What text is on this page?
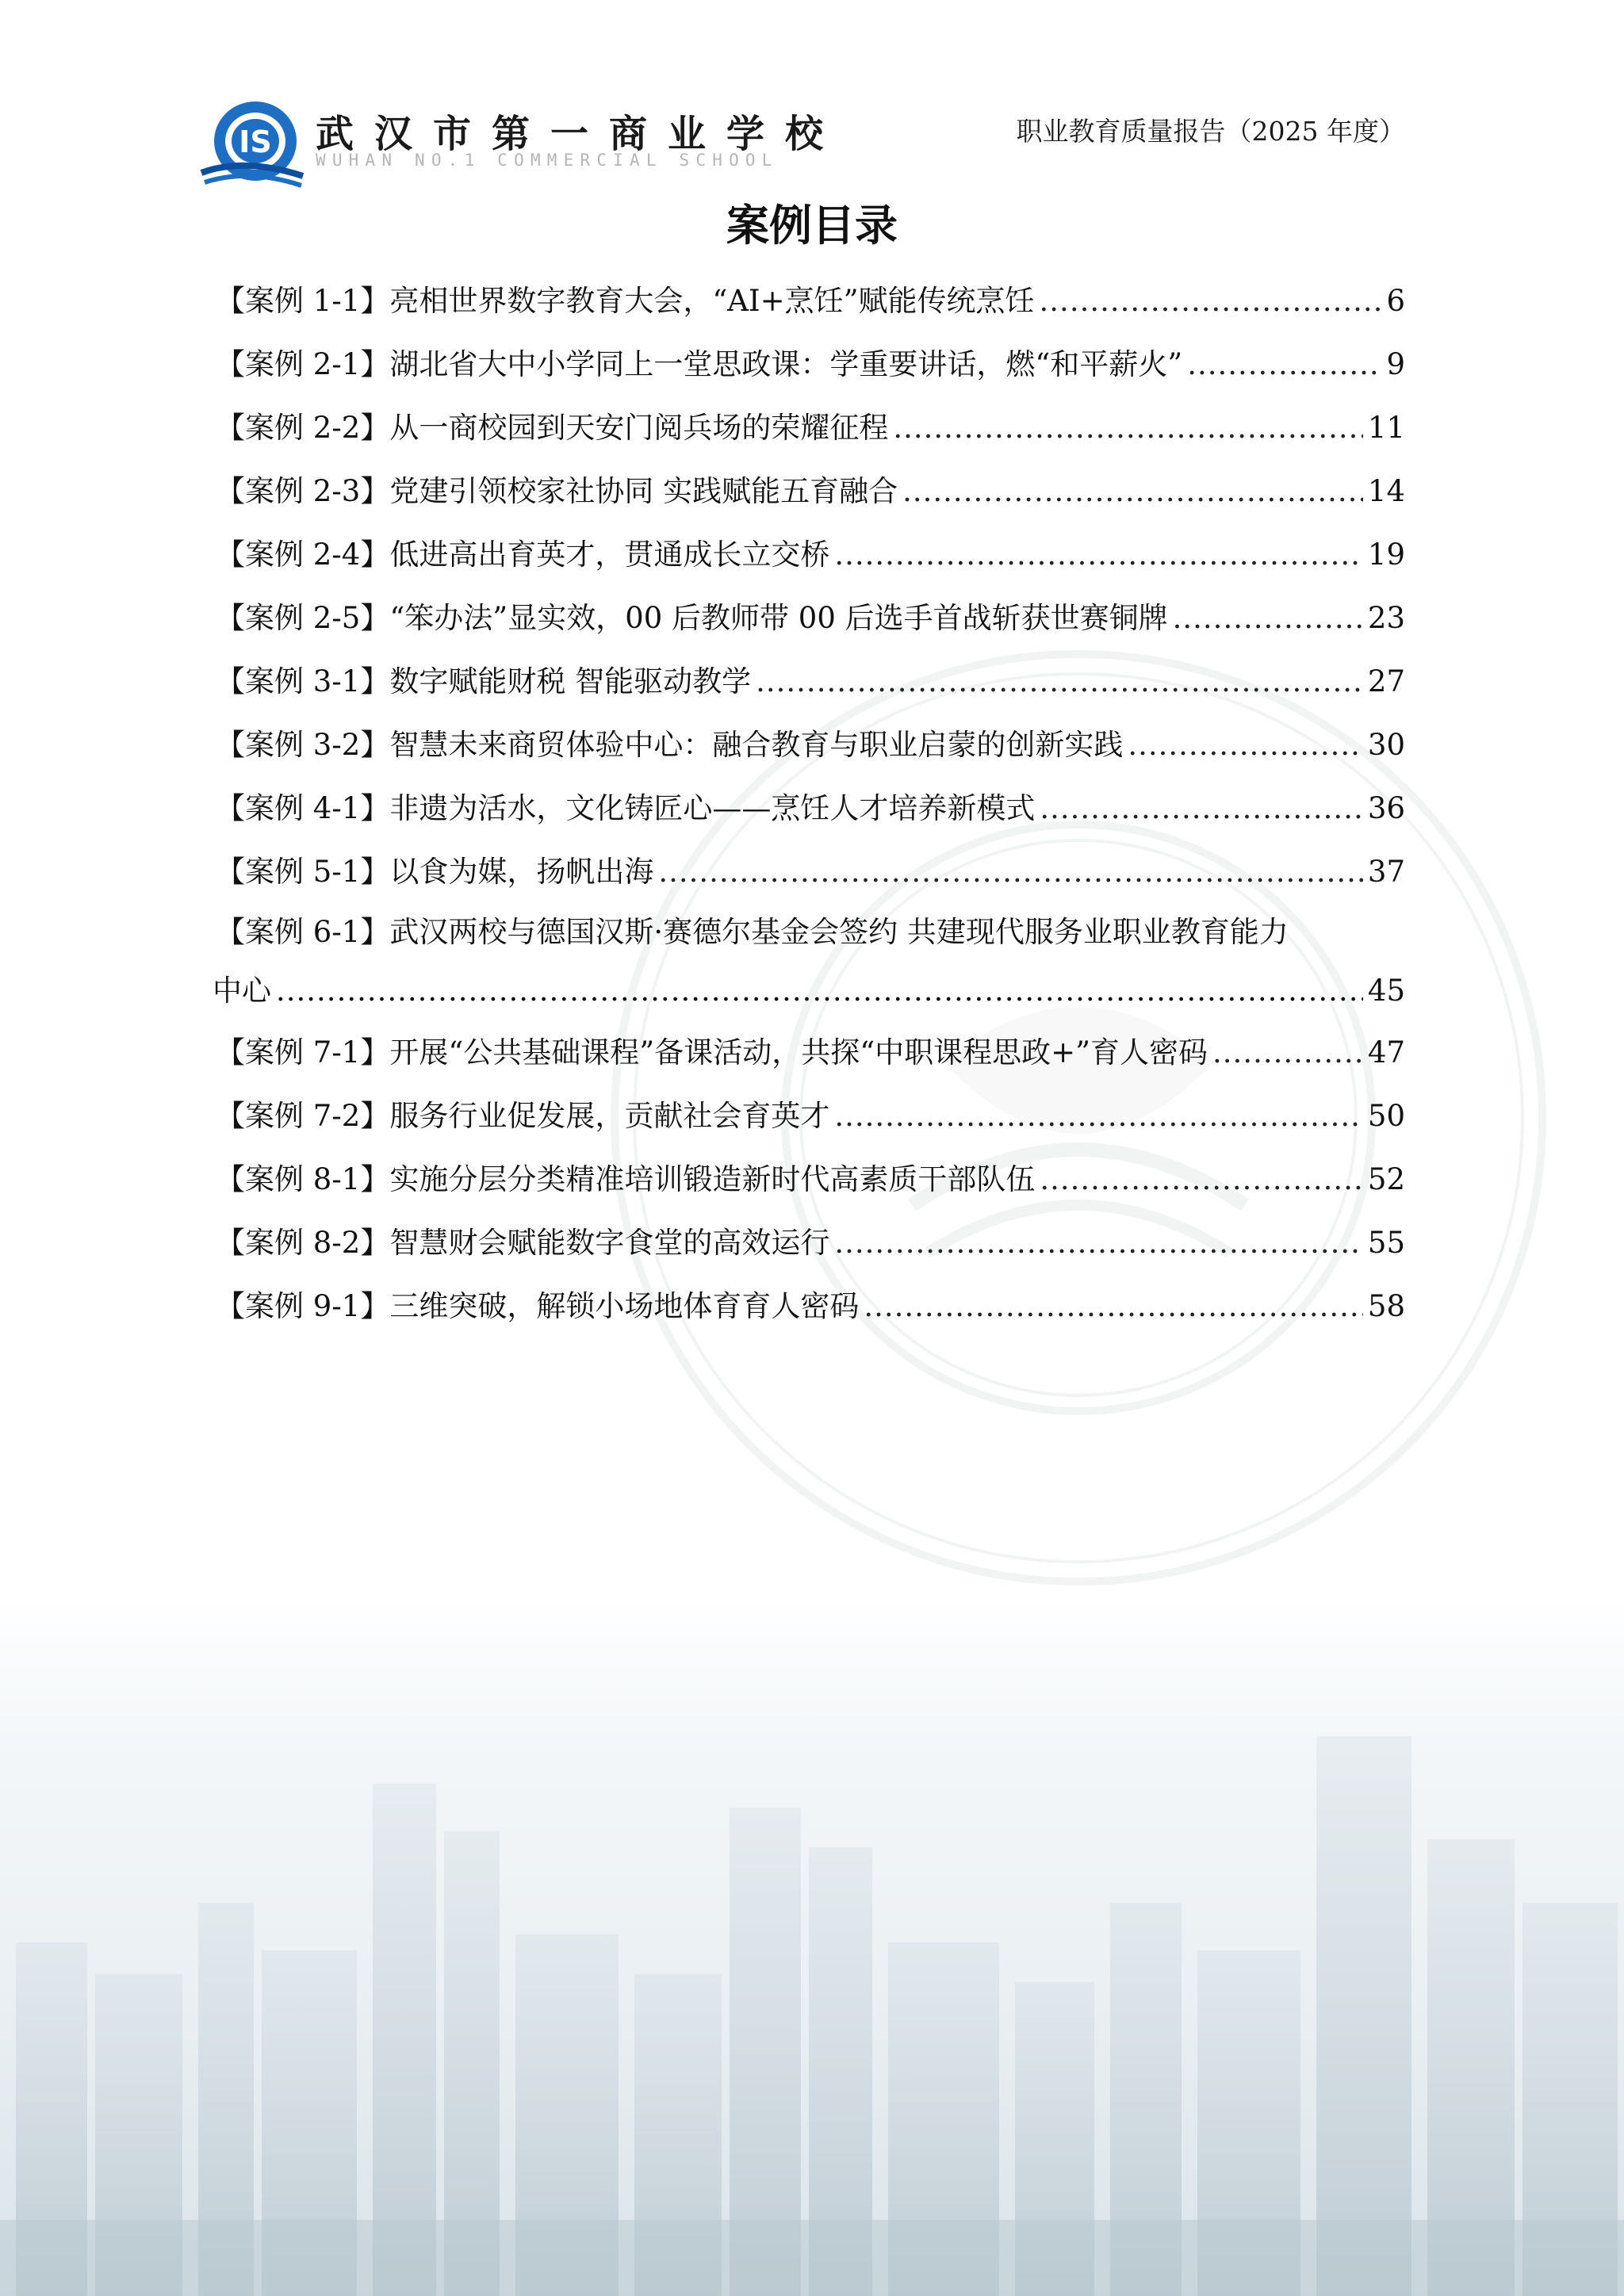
IS 武汉市第一商业学校
WUHAN NO.1 COMMERCIAL SCHOOL
职业教育质量报告（2025 年度）
案例目录
【案例 1-1】亮相世界数字教育大会，“AI+烹饪”赋能传统烹饪 .....	6
【案例 2-1】湖北省大中小学同上一堂思政课：学重要讲话，燃“和平薪火” .....	9
【案例 2-2】从一商校园到天安门阅兵场的荣耀征程 .....	11
【案例 2-3】党建引领校家社协同 实践赋能五育融合 .....	14
【案例 2-4】低进高出育英才，贯通成长立交桥 .....	19
【案例 2-5】“笨办法”显实效，00 后教师带 00 后选手首战斩获世赛铜牌 .....	23
【案例 3-1】数字赋能财税 智能驱动教学 .....	27
【案例 3-2】智慧未来商贸体验中心：融合教育与职业启蒙的创新实践 .....	30
【案例 4-1】非遗为活水，文化铸匠心——烹饪人才培养新模式 .....	36
【案例 5-1】以食为媒，扬帆出海 .....	37
【案例 6-1】武汉两校与德国汉斯·赛德尔基金会签约 共建现代服务业职业教育能力
中心 .....	45
【案例 7-1】开展“公共基础课程”备课活动，共探“中职课程思政+”育人密码 .....	47
【案例 7-2】服务行业促发展，贡献社会育英才 .....	50
【案例 8-1】实施分层分类精准培训锻造新时代高素质干部队伍 .....	52
【案例 8-2】智慧财会赋能数字食堂的高效运行 .....	55
【案例 9-1】三维突破，解锁小场地体育育人密码 .....	58
